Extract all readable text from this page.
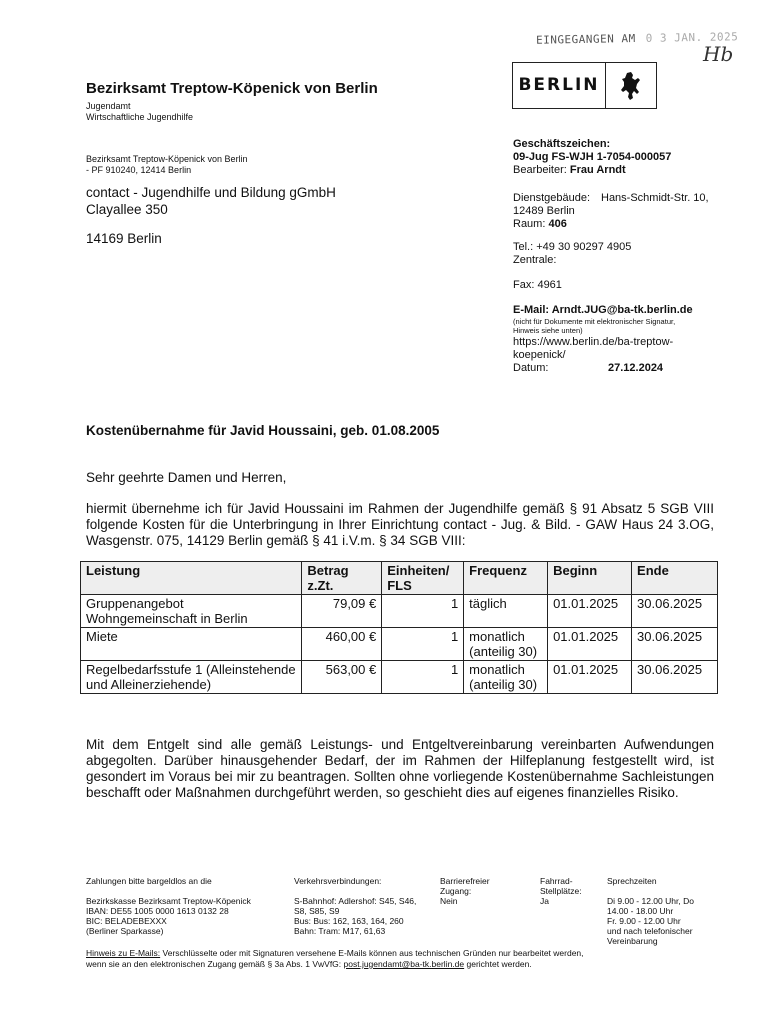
EINGEGANGEN AM 0 3 JAN. 2025
Hb
BERLIN
Bezirksamt Treptow-Köpenick von Berlin
Jugendamt
Wirtschaftliche Jugendhilfe
Bezirksamt Treptow-Köpenick von Berlin
- PF 910240, 12414 Berlin
contact - Jugendhilfe und Bildung gGmbH
Clayallee 350
14169 Berlin
Geschäftszeichen:
09-Jug FS-WJH 1-7054-000057
Bearbeiter: Frau Arndt
Dienstgebäude: Hans-Schmidt-Str. 10,
12489 Berlin
Raum: 406
Tel.: +49 30 90297 4905
Zentrale:
Fax: 4961
E-Mail: Arndt.JUG@ba-tk.berlin.de
(nicht für Dokumente mit elektronischer Signatur,
Hinweis siehe unten)
https://www.berlin.de/ba-treptow-
koepenick/
Datum:	27.12.2024
Kostenübernahme für Javid Houssaini, geb. 01.08.2005
Sehr geehrte Damen und Herren,
hiermit übernehme ich für Javid Houssaini im Rahmen der Jugendhilfe gemäß § 91 Absatz 5 SGB VIII folgende Kosten für die Unterbringung in Ihrer Einrichtung contact - Jug. & Bild. - GAW Haus 24 3.OG, Wasgenstr. 075, 14129 Berlin gemäß § 41 i.V.m. § 34 SGB VIII:
Leistung	Betrag z.Zt.	Einheiten/ FLS	Frequenz	Beginn	Ende
Gruppenangebot Wohngemeinschaft in Berlin	79,09 €	1	täglich	01.01.2025	30.06.2025
Miete	460,00 €	1	monatlich (anteilig 30)	01.01.2025	30.06.2025
Regelbedarfsstufe 1 (Alleinstehende und Alleinerziehende)	563,00 €	1	monatlich (anteilig 30)	01.01.2025	30.06.2025
Mit dem Entgelt sind alle gemäß Leistungs- und Entgeltvereinbarung vereinbarten Aufwendungen abgegolten. Darüber hinausgehender Bedarf, der im Rahmen der Hilfeplanung festgestellt wird, ist gesondert im Voraus bei mir zu beantragen. Sollten ohne vorliegende Kostenübernahme Sachleistungen beschafft oder Maßnahmen durchgeführt werden, so geschieht dies auf eigenes finanzielles Risiko.
Zahlungen bitte bargeldlos an die
Bezirkskasse Bezirksamt Treptow-Köpenick
IBAN: DE55 1005 0000 1613 0132 28
BIC: BELADEBEXXX
(Berliner Sparkasse)
Verkehrsverbindungen:
S-Bahnhof: Adlershof: S45, S46,
S8, S85, S9
Bus: Bus: 162, 163, 164, 260
Bahn: Tram: M17, 61,63
Barrierefreier Zugang:
Nein
Fahrrad-Stellplätze:
Ja
Sprechzeiten
Di 9.00 - 12.00 Uhr, Do
14.00 - 18.00 Uhr
Fr. 9.00 - 12.00 Uhr
und nach telefonischer
Vereinbarung
Hinweis zu E-Mails: Verschlüsselte oder mit Signaturen versehene E-Mails können aus technischen Gründen nur bearbeitet werden,
wenn sie an den elektronischen Zugang gemäß § 3a Abs. 1 VwVfG: post.jugendamt@ba-tk.berlin.de gerichtet werden.
